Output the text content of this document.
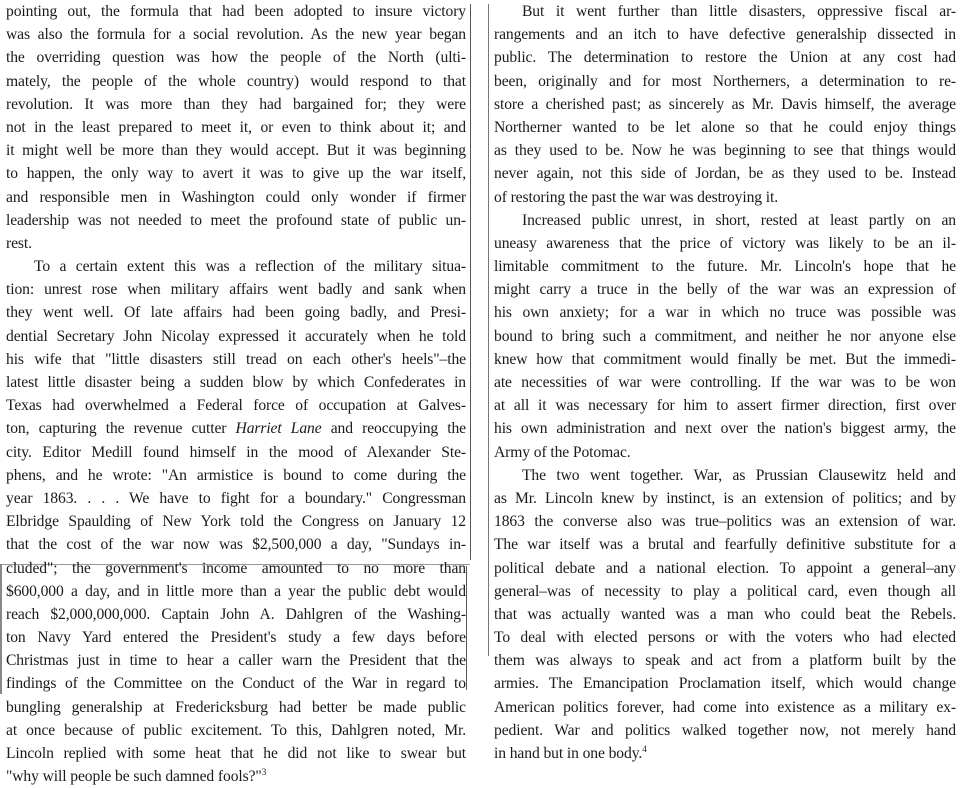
pointing out, the formula that had been adopted to insure victory
was also the formula for a social revolution. As the new year began
the overriding question was how the people of the North (ulti-
mately, the people of the whole country) would respond to that
revolution. It was more than they had bargained for; they were
not in the least prepared to meet it, or even to think about it; and
it might well be more than they would accept. But it was beginning
to happen, the only way to avert it was to give up the war itself,
and responsible men in Washington could only wonder if firmer
leadership was not needed to meet the profound state of public un-
rest.
To a certain extent this was a reflection of the military situa-
tion: unrest rose when military affairs went badly and sank when
they went well. Of late affairs had been going badly, and Presi-
dential Secretary John Nicolay expressed it accurately when he told
his wife that "little disasters still tread on each other's heels"–the
latest little disaster being a sudden blow by which Confederates in
Texas had overwhelmed a Federal force of occupation at Galves-
ton, capturing the revenue cutter Harriet Lane and reoccupying the
city. Editor Medill found himself in the mood of Alexander Ste-
phens, and he wrote: "An armistice is bound to come during the
year 1863. . . . We have to fight for a boundary." Congressman
Elbridge Spaulding of New York told the Congress on January 12
that the cost of the war now was $2,500,000 a day, "Sundays in-
cluded"; the government's income amounted to no more than
$600,000 a day, and in little more than a year the public debt would
reach $2,000,000,000. Captain John A. Dahlgren of the Washing-
ton Navy Yard entered the President's study a few days before
Christmas just in time to hear a caller warn the President that the
findings of the Committee on the Conduct of the War in regard to
bungling generalship at Fredericksburg had better be made public
at once because of public excitement. To this, Dahlgren noted, Mr.
Lincoln replied with some heat that he did not like to swear but
"why will people be such damned fools?"$^3$
But it went further than little disasters, oppressive fiscal ar-
rangements and an itch to have defective generalship dissected in
public. The determination to restore the Union at any cost had
been, originally and for most Northerners, a determination to re-
store a cherished past; as sincerely as Mr. Davis himself, the average
Northerner wanted to be let alone so that he could enjoy things
as they used to be. Now he was beginning to see that things would
never again, not this side of Jordan, be as they used to be. Instead
of restoring the past the war was destroying it.
Increased public unrest, in short, rested at least partly on an
uneasy awareness that the price of victory was likely to be an il-
limitable commitment to the future. Mr. Lincoln's hope that he
might carry a truce in the belly of the war was an expression of
his own anxiety; for a war in which no truce was possible was
bound to bring such a commitment, and neither he nor anyone else
knew how that commitment would finally be met. But the immedi-
ate necessities of war were controlling. If the war was to be won
at all it was necessary for him to assert firmer direction, first over
his own administration and next over the nation's biggest army, the
Army of the Potomac.
The two went together. War, as Prussian Clausewitz held and
as Mr. Lincoln knew by instinct, is an extension of politics; and by
1863 the converse also was true–politics was an extension of war.
The war itself was a brutal and fearfully definitive substitute for a
political debate and a national election. To appoint a general–any
general–was of necessity to play a political card, even though all
that was actually wanted was a man who could beat the Rebels.
To deal with elected persons or with the voters who had elected
them was always to speak and act from a platform built by the
armies. The Emancipation Proclamation itself, which would change
American politics forever, had come into existence as a military ex-
pedient. War and politics walked together now, not merely hand
in hand but in one body.$^4$
